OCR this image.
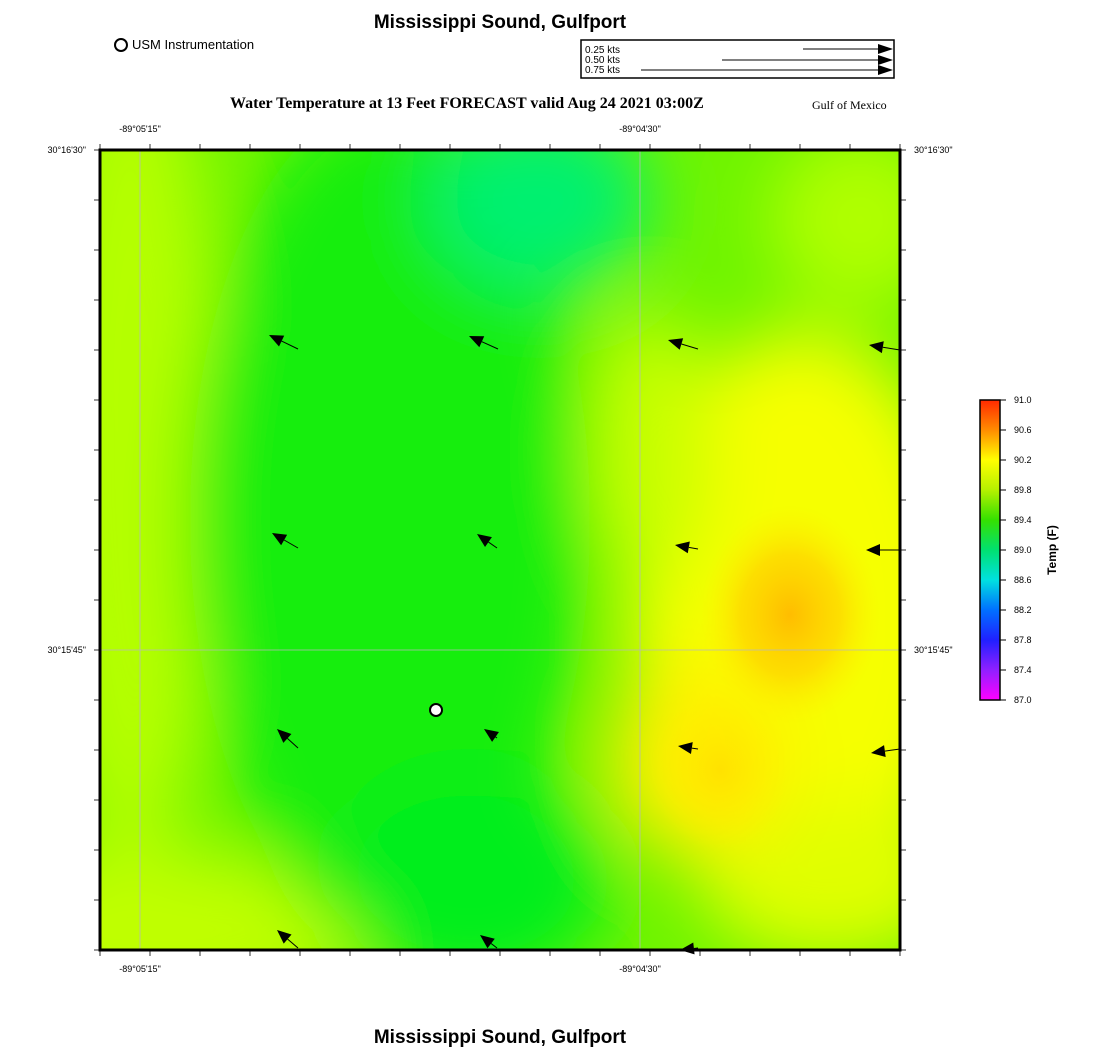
Mississippi Sound, Gulfport
USM Instrumentation
Water Temperature at 13 Feet FORECAST valid Aug 24 2021 03:00Z	Gulf of Mexico
0.25 kts
0.50 kts
0.75 kts
-89°05'15"	-89°04'30"
-89°05'15"	-89°04'30"
30°16'30"
30°15'45"
30°16'30"
30°15'45"
91.0
90.6
90.2
89.8
89.4
89.0
88.6
88.2
87.8
87.4
87.0
Temp (F)
Mississippi Sound, Gulfport
